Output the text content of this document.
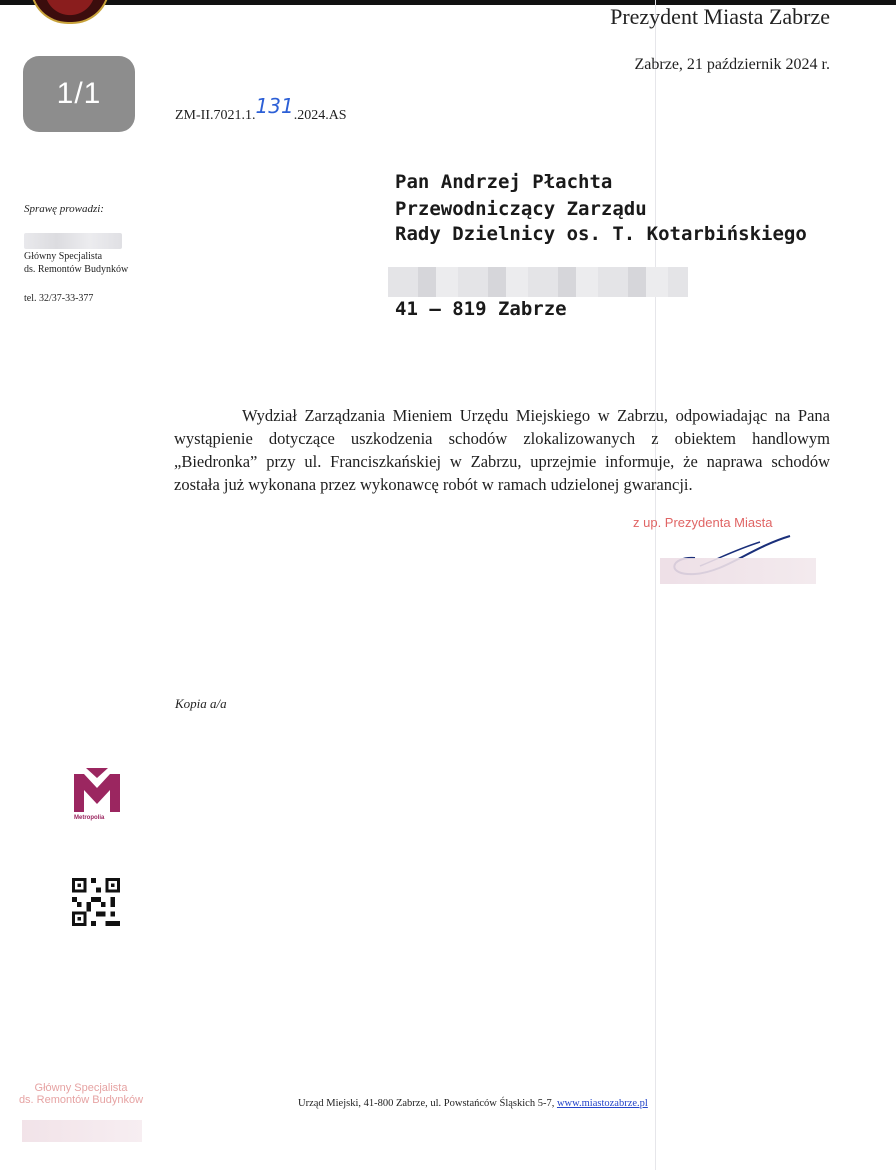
1/1
Prezydent Miasta Zabrze
Zabrze, 21 październik 2024 r.
ZM-II.7021.1.131.2024.AS
Sprawę prowadzi:
Główny Specjalista
ds. Remontów Budynków
tel. 32/37-33-377
Pan Andrzej Płachta
Przewodniczący Zarządu
Rady Dzielnicy os. T. Kotarbińskiego
41 – 819 Zabrze
Wydział Zarządzania Mieniem Urzędu Miejskiego w Zabrzu, odpowiadając na Pana wystąpienie dotyczące uszkodzenia schodów zlokalizowanych z obiektem handlowym „Biedronka” przy ul. Franciszkańskiej w Zabrzu, uprzejmie informuje, że naprawa schodów została już wykonana przez wykonawcę robót w ramach udzielonej gwarancji.
z up. Prezydenta Miasta
Kopia a/a
Metropolia
Główny Specjalista
ds. Remontów Budynków	Urząd Miejski, 41-800 Zabrze, ul. Powstańców Śląskich 5-7, www.miastozabrze.pl
